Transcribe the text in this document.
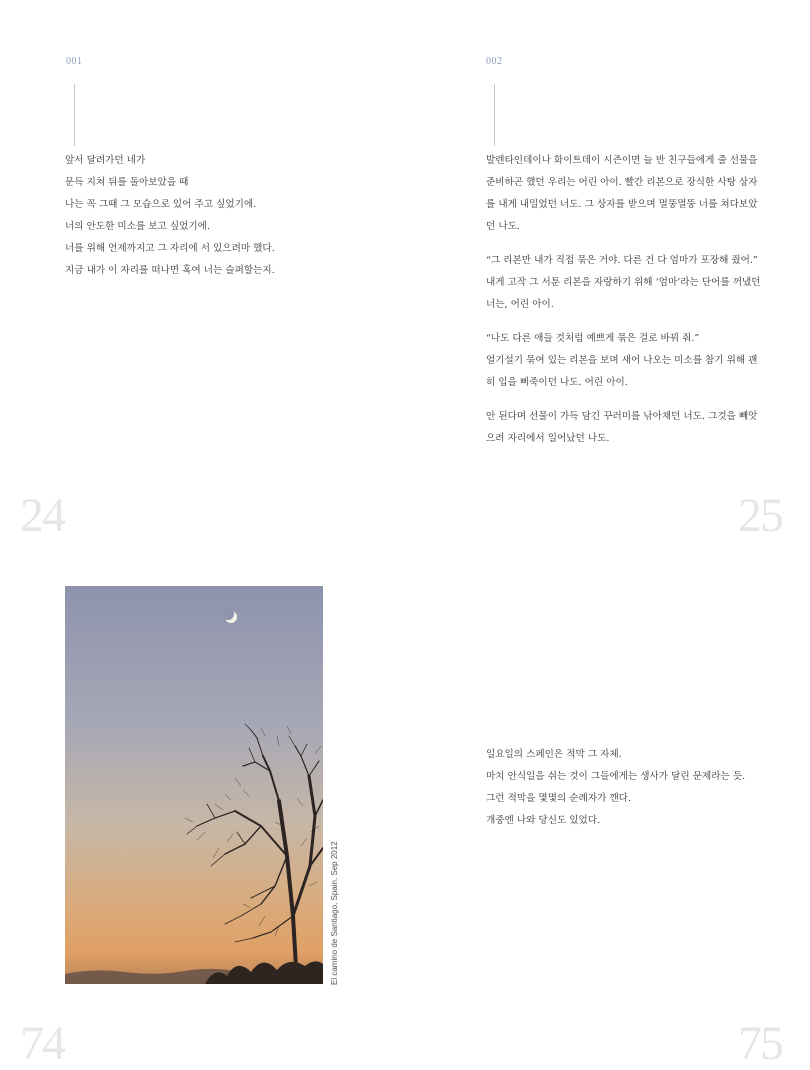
001

앞서 달려가던 네가

문득 지쳐 뒤를 돌아보았을 때

나는 꼭 그때 그 모습으로 있어 주고 싶었기에.

너의 안도한 미소를 보고 싶었기에.

너를 위해 언제까지고 그 자리에 서 있으려마 했다.

지금 내가 이 자리를 떠나면 혹여 너는 슬퍼할는지.

24
002

발렌타인데이나 화이트데이 시즌이면 늘 반 친구들에게 줄 선물을

준비하곤 했던 우리는 어린 아이. 빨간 리본으로 장식한 사탕 상자

를 내게 내밀었던 너도. 그 상자를 받으며 멀뚱멀뚱 너를 쳐다보았

던 나도.

“그 리본만 내가 직접 묶은 거야. 다른 건 다 엄마가 포장해 줬어.”

내게 고작 그 서툰 리본을 자랑하기 위해 ‘엄마’라는 단어를 꺼냈던

너는, 어린 아이.

“나도 다른 애들 것처럼 예쁘게 묶은 걸로 바꿔 줘.”

얼기설기 묶여 있는 리본을 보며 새어 나오는 미소를 참기 위해 괜

히 입을 삐죽이던 나도. 어린 아이.

안 된다며 선물이 가득 담긴 꾸러미를 낚아채던 너도. 그것을 빼앗

으려 자리에서 일어났던 나도.

25
El camino de Santiago, Spain, Sep 2012
74

일요일의 스페인은 적막 그 자체.

마치 안식일을 쉬는 것이 그들에게는 생사가 달린 문제라는 듯.

그런 적막을 몇몇의 순례자가 깬다.

개중엔 나와 당신도 있었다.

75
